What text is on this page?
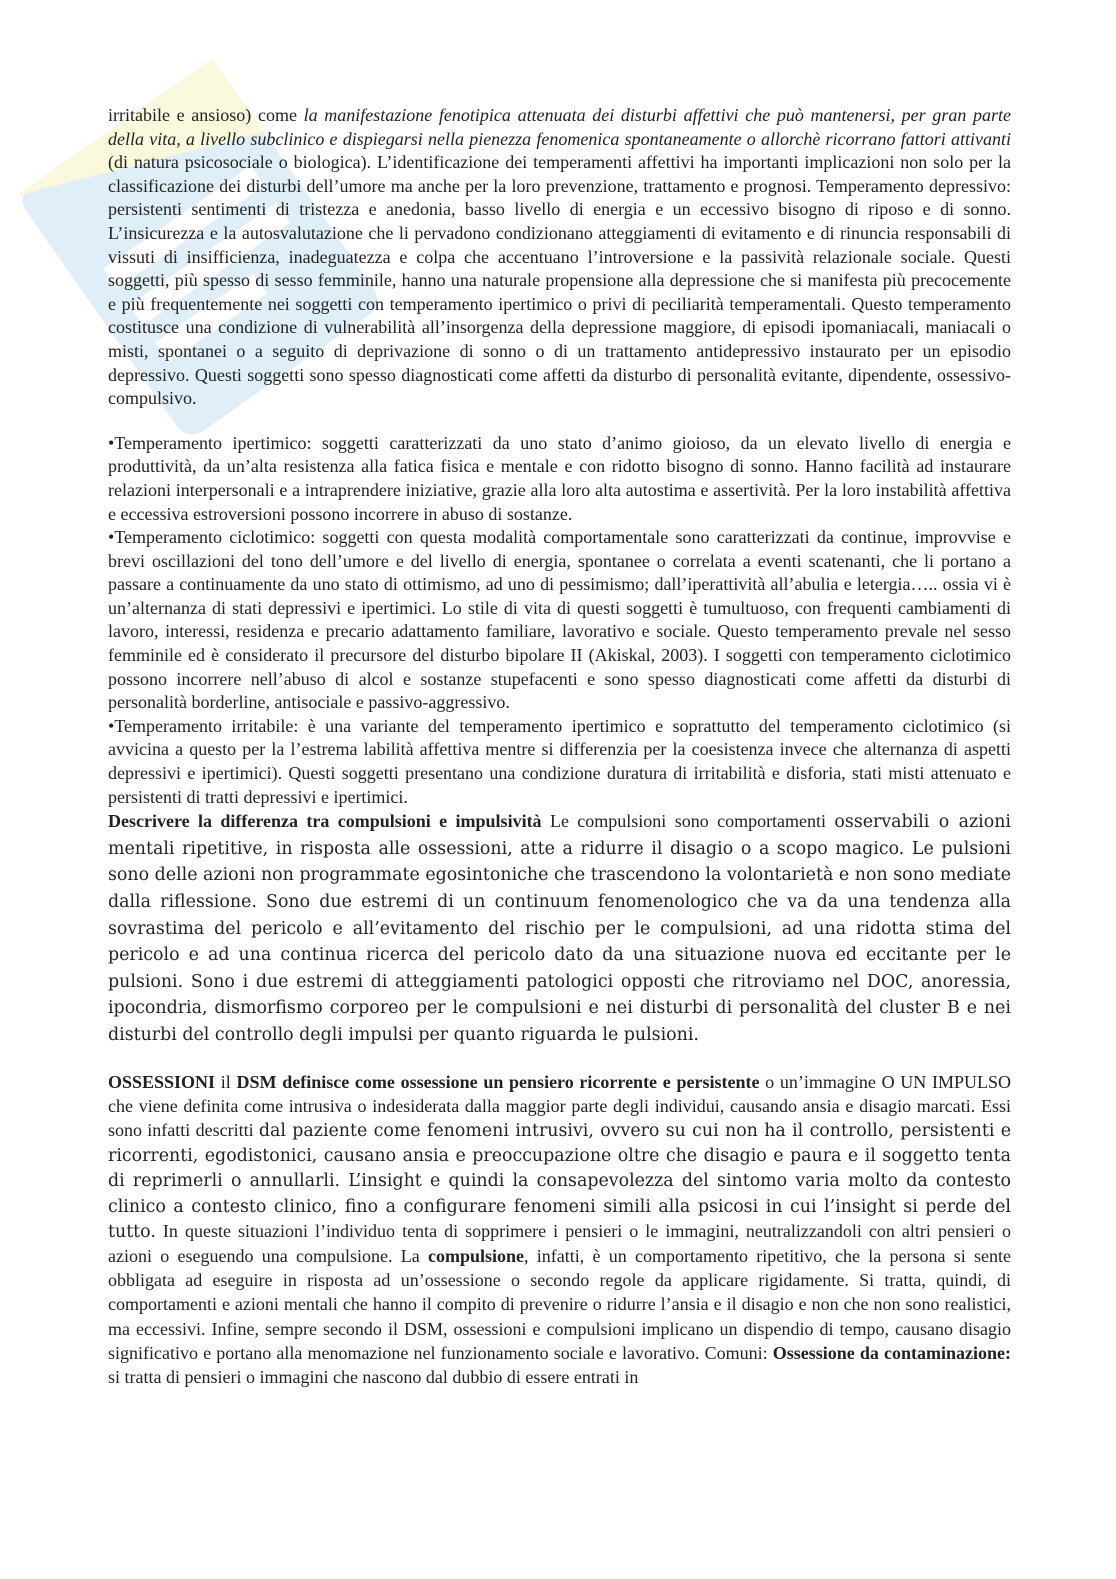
irritabile e ansioso) come la manifestazione fenotipica attenuata dei disturbi affettivi che può mantenersi, per gran parte della vita, a livello subclinico e dispiegarsi nella pienezza fenomenica spontaneamente o allorchè ricorrano fattori attivanti (di natura psicosociale o biologica). L’identificazione dei temperamenti affettivi ha importanti implicazioni non solo per la classificazione dei disturbi dell’umore ma anche per la loro prevenzione, trattamento e prognosi. Temperamento depressivo: persistenti sentimenti di tristezza e anedonia, basso livello di energia e un eccessivo bisogno di riposo e di sonno. L’insicurezza e la autosvalutazione che li pervadono condizionano atteggiamenti di evitamento e di rinuncia responsabili di vissuti di insifficienza, inadeguatezza e colpa che accentuano l’introversione e la passività relazionale sociale. Questi soggetti, più spesso di sesso femminile, hanno una naturale propensione alla depressione che si manifesta più precocemente e più frequentemente nei soggetti con temperamento ipertimico o privi di peciliarità temperamentali. Questo temperamento costitusce una condizione di vulnerabilità all’insorgenza della depressione maggiore, di episodi ipomaniacali, maniacali o misti, spontanei o a seguito di deprivazione di sonno o di un trattamento antidepressivo instaurato per un episodio depressivo. Questi soggetti sono spesso diagnosticati come affetti da disturbo di personalità evitante, dipendente, ossessivo-compulsivo.

•Temperamento ipertimico: soggetti caratterizzati da uno stato d’animo gioioso, da un elevato livello di energia e produttività, da un’alta resistenza alla fatica fisica e mentale e con ridotto bisogno di sonno. Hanno facilità ad instaurare relazioni interpersonali e a intraprendere iniziative, grazie alla loro alta autostima e assertività. Per la loro instabilità affettiva e eccessiva estroversioni possono incorrere in abuso di sostanze.

•Temperamento ciclotimico: soggetti con questa modalità comportamentale sono caratterizzati da continue, improvvise e brevi oscillazioni del tono dell’umore e del livello di energia, spontanee o correlata a eventi scatenanti, che li portano a passare a continuamente da uno stato di ottimismo, ad uno di pessimismo; dall’iperattività all’abulia e letergia….. ossia vi è un’alternanza di stati depressivi e ipertimici. Lo stile di vita di questi soggetti è tumultuoso, con frequenti cambiamenti di lavoro, interessi, residenza e precario adattamento familiare, lavorativo e sociale. Questo temperamento prevale nel sesso femminile ed è considerato il precursore del disturbo bipolare II (Akiskal, 2003). I soggetti con temperamento ciclotimico possono incorrere nell’abuso di alcol e sostanze stupefacenti e sono spesso diagnosticati come affetti da disturbi di personalità borderline, antisociale e passivo-aggressivo.

•Temperamento irritabile: è una variante del temperamento ipertimico e soprattutto del temperamento ciclotimico (si avvicina a questo per la l’estrema labilità affettiva mentre si differenzia per la coesistenza invece che alternanza di aspetti depressivi e ipertimici). Questi soggetti presentano una condizione duratura di irritabilità e disforia, stati misti attenuato e persistenti di tratti depressivi e ipertimici.

Descrivere la differenza tra compulsioni e impulsività Le compulsioni sono comportamenti osservabili o azioni mentali ripetitive, in risposta alle ossessioni, atte a ridurre il disagio o a scopo magico. Le pulsioni sono delle azioni non programmate egosintoniche che trascendono la volontarietà e non sono mediate dalla riflessione. Sono due estremi di un continuum fenomenologico che va da una tendenza alla sovrastima del pericolo e all’evitamento del rischio per le compulsioni, ad una ridotta stima del pericolo e ad una continua ricerca del pericolo dato da una situazione nuova ed eccitante per le pulsioni. Sono i due estremi di atteggiamenti patologici opposti che ritroviamo nel DOC, anoressia, ipocondria, dismorfismo corporeo per le compulsioni e nei disturbi di personalità del cluster B e nei disturbi del controllo degli impulsi per quanto riguarda le pulsioni.

OSSESSIONI il DSM definisce come ossessione un pensiero ricorrente e persistente o un’immagine O UN IMPULSO che viene definita come intrusiva o indesiderata dalla maggior parte degli individui, causando ansia e disagio marcati. Essi sono infatti descritti dal paziente come fenomeni intrusivi, ovvero su cui non ha il controllo, persistenti e ricorrenti, egodistonici, causano ansia e preoccupazione oltre che disagio e paura e il soggetto tenta di reprimerli o annullarli. L’insight e quindi la consapevolezza del sintomo varia molto da contesto clinico a contesto clinico, fino a configurare fenomeni simili alla psicosi in cui l’insight si perde del tutto. In queste situazioni l’individuo tenta di sopprimere i pensieri o le immagini, neutralizzandoli con altri pensieri o azioni o eseguendo una compulsione. La compulsione, infatti, è un comportamento ripetitivo, che la persona si sente obbligata ad eseguire in risposta ad un’ossessione o secondo regole da applicare rigidamente. Si tratta, quindi, di comportamenti e azioni mentali che hanno il compito di prevenire o ridurre l’ansia e il disagio e non che non sono realistici, ma eccessivi. Infine, sempre secondo il DSM, ossessioni e compulsioni implicano un dispendio di tempo, causano disagio significativo e portano alla menomazione nel funzionamento sociale e lavorativo. Comuni: Ossessione da contaminazione: si tratta di pensieri o immagini che nascono dal dubbio di essere entrati in
